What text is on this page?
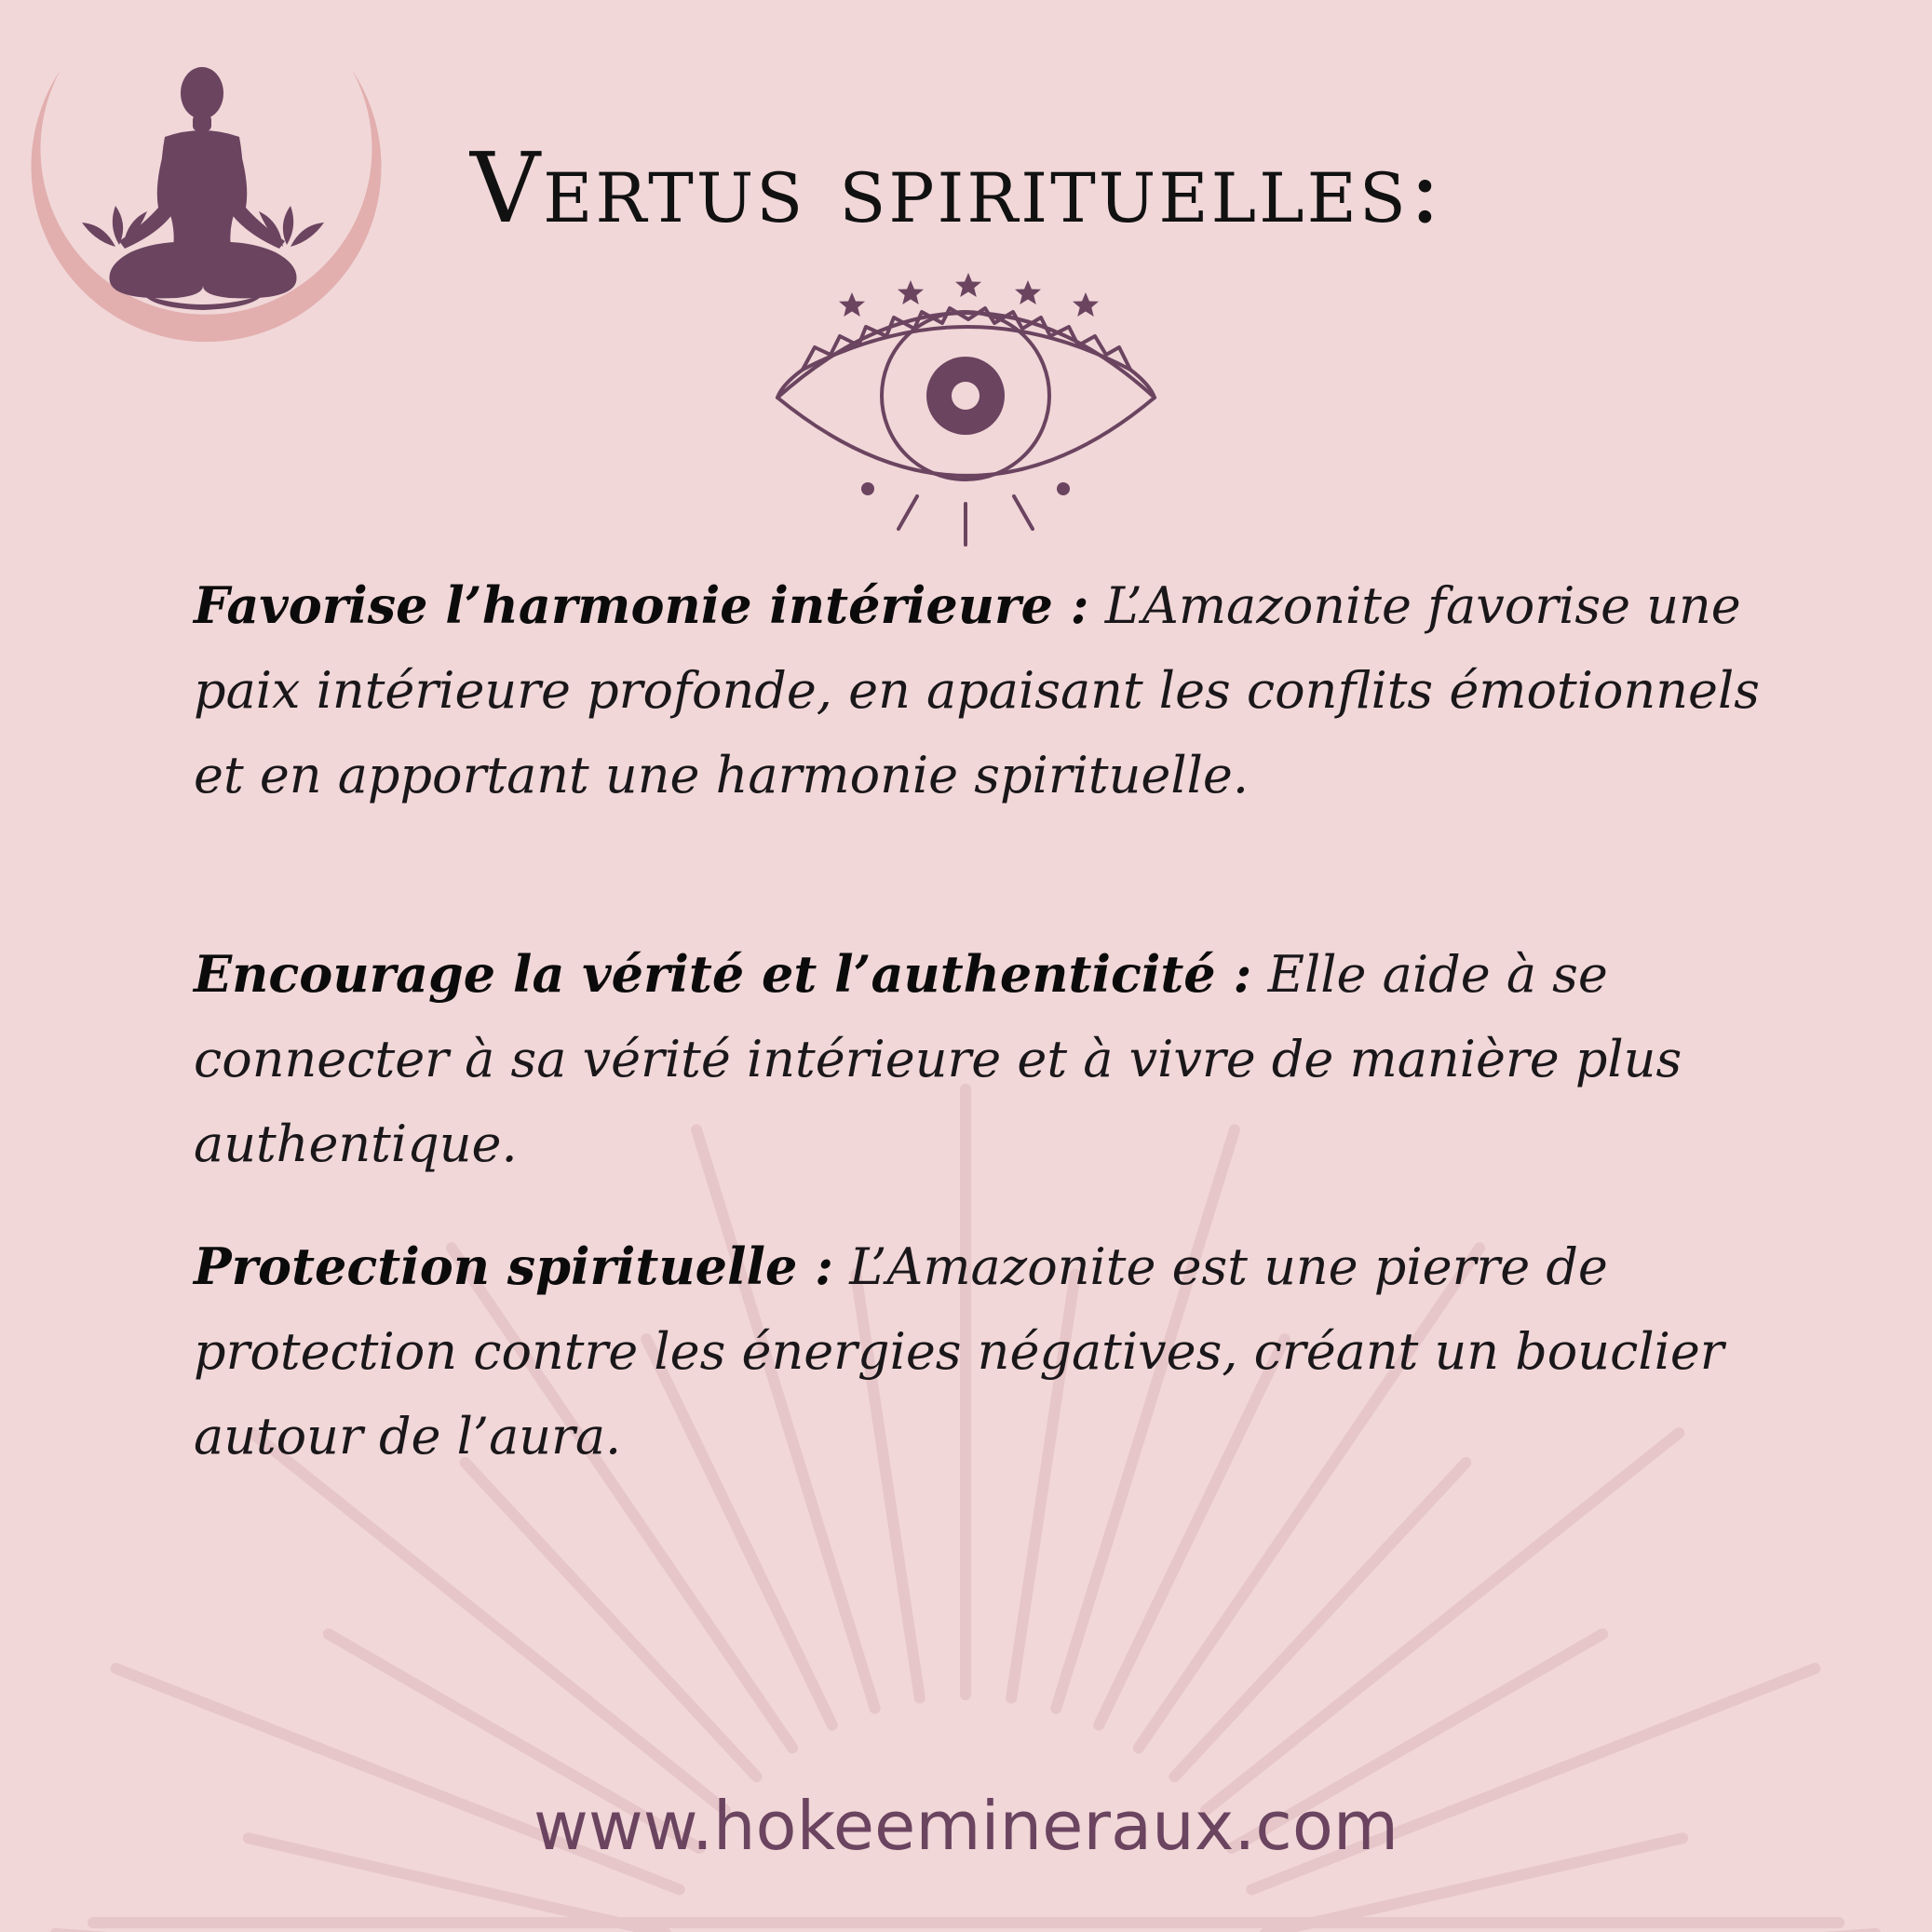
Vertus spirituelles:

Favorise l’harmonie intérieure : L’Amazonite favorise une paix intérieure profonde, en apaisant les conflits émotionnels et en apportant une harmonie spirituelle.

Encourage la vérité et l’authenticité : Elle aide à se connecter à sa vérité intérieure et à vivre de manière plus authentique.

Protection spirituelle : L’Amazonite est une pierre de protection contre les énergies négatives, créant un bouclier autour de l’aura.

www.hokeemineraux.com
